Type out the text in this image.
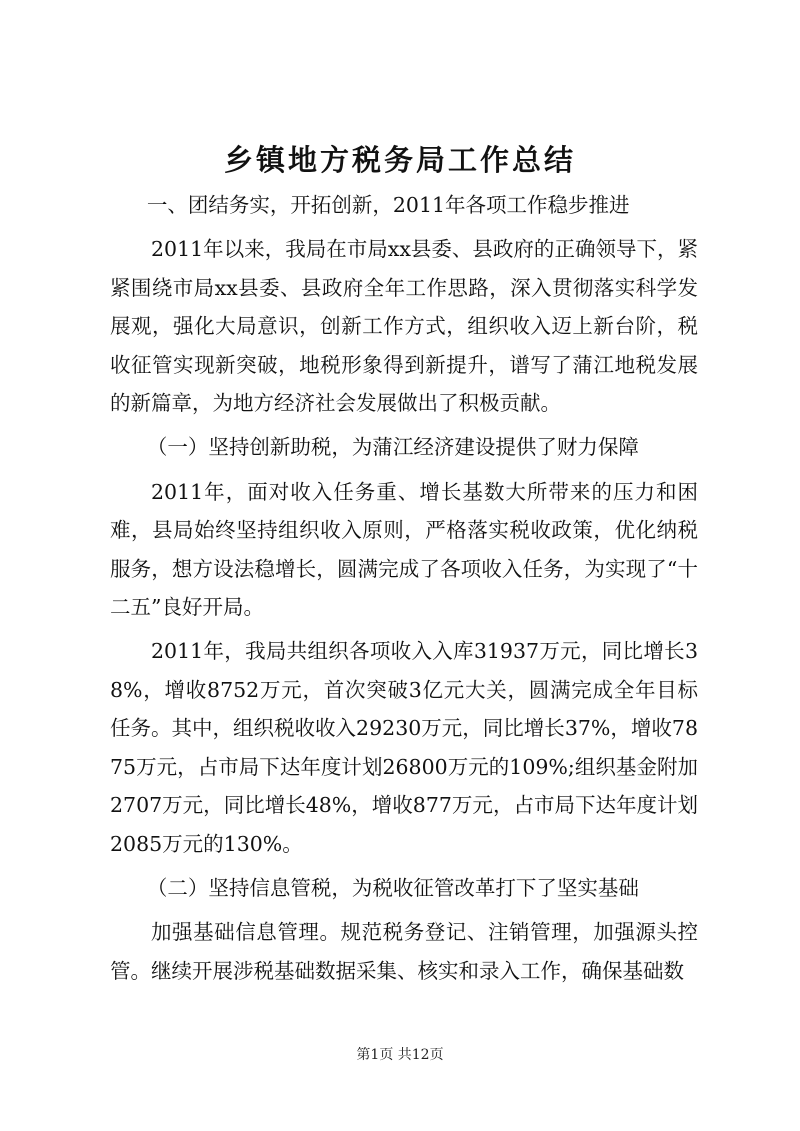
乡镇地方税务局工作总结

一、团结务实，开拓创新，2011年各项工作稳步推进

2011年以来，我局在市局xx县委、县政府的正确领导下，紧紧围绕市局xx县委、县政府全年工作思路，深入贯彻落实科学发展观，强化大局意识，创新工作方式，组织收入迈上新台阶，税收征管实现新突破，地税形象得到新提升，谱写了蒲江地税发展的新篇章，为地方经济社会发展做出了积极贡献。

（一）坚持创新助税，为蒲江经济建设提供了财力保障

2011年，面对收入任务重、增长基数大所带来的压力和困难，县局始终坚持组织收入原则，严格落实税收政策，优化纳税服务，想方设法稳增长，圆满完成了各项收入任务，为实现了“十二五”良好开局。

2011年，我局共组织各项收入入库31937万元，同比增长38%，增收8752万元，首次突破3亿元大关，圆满完成全年目标任务。其中，组织税收收入29230万元，同比增长37%，增收7875万元，占市局下达年度计划26800万元的109%;组织基金附加2707万元，同比增长48%，增收877万元，占市局下达年度计划2085万元的130%。

（二）坚持信息管税，为税收征管改革打下了坚实基础

加强基础信息管理。规范税务登记、注销管理，加强源头控管。继续开展涉税基础数据采集、核实和录入工作，确保基础数

第1页 共12页
